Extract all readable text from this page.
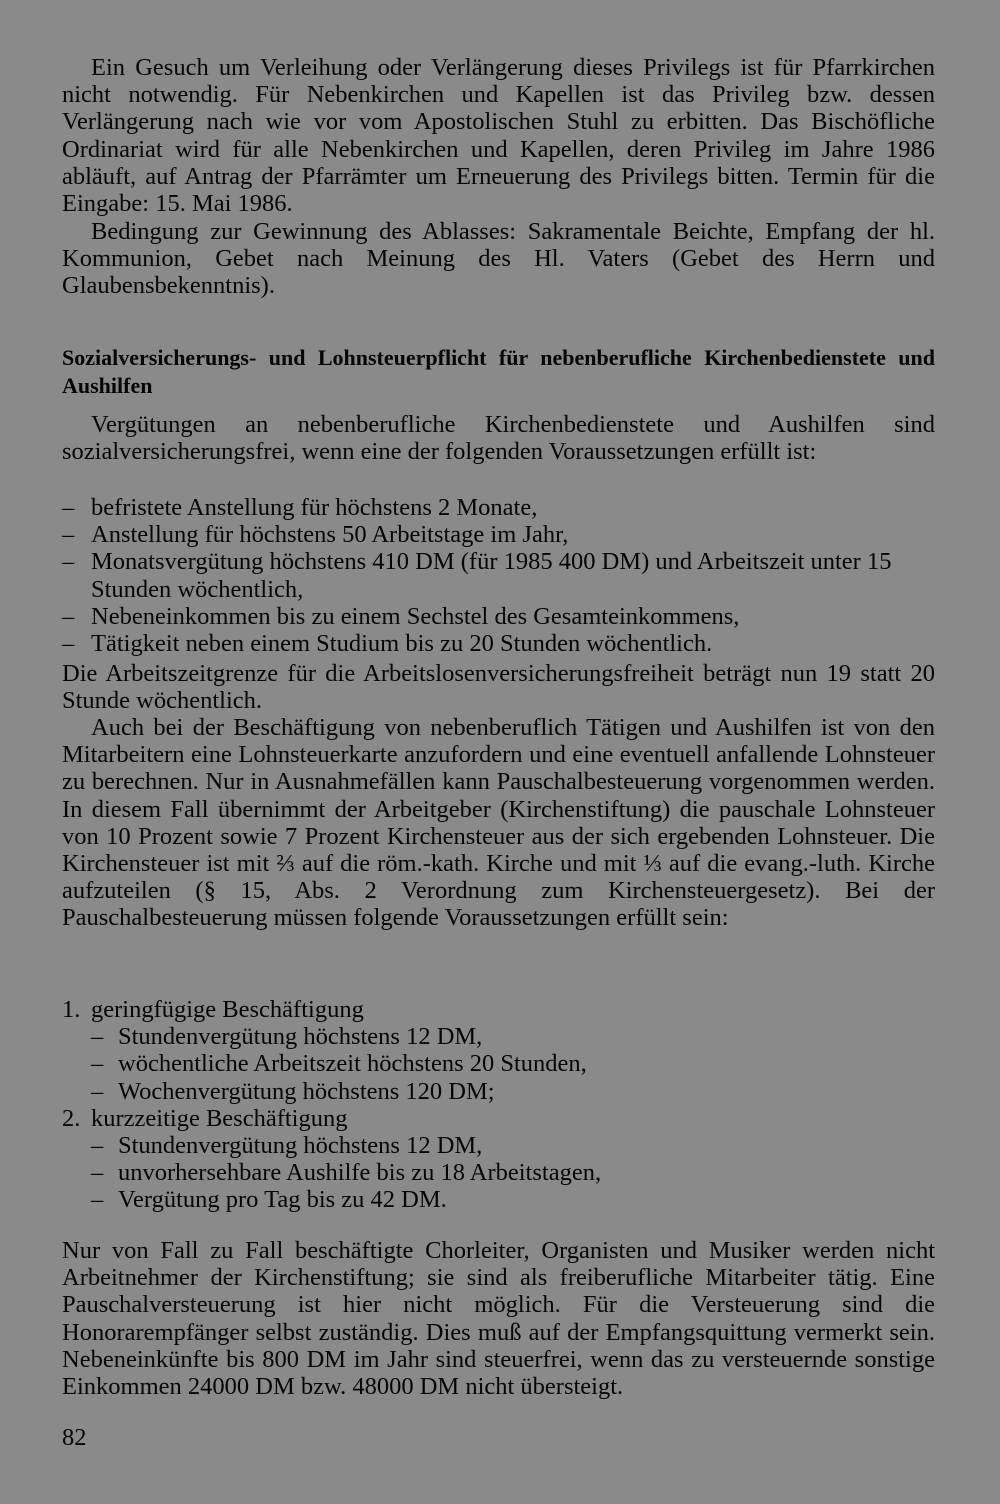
Ein Gesuch um Verleihung oder Verlängerung dieses Privilegs ist für Pfarrkirchen nicht notwendig. Für Nebenkirchen und Kapellen ist das Privileg bzw. dessen Verlängerung nach wie vor vom Apostolischen Stuhl zu erbitten. Das Bischöfliche Ordinariat wird für alle Nebenkirchen und Kapellen, deren Privileg im Jahre 1986 abläuft, auf Antrag der Pfarrämter um Erneuerung des Privilegs bitten. Termin für die Eingabe: 15. Mai 1986.

Bedingung zur Gewinnung des Ablasses: Sakramentale Beichte, Empfang der hl. Kommunion, Gebet nach Meinung des Hl. Vaters (Gebet des Herrn und Glaubensbekenntnis).

Sozialversicherungs- und Lohnsteuerpflicht für nebenberufliche Kirchenbedienstete und Aushilfen

Vergütungen an nebenberufliche Kirchenbedienstete und Aushilfen sind sozialversicherungsfrei, wenn eine der folgenden Voraussetzungen erfüllt ist:

– befristete Anstellung für höchstens 2 Monate,
– Anstellung für höchstens 50 Arbeitstage im Jahr,
– Monatsvergütung höchstens 410 DM (für 1985 400 DM) und Arbeitszeit unter 15 Stunden wöchentlich,
– Nebeneinkommen bis zu einem Sechstel des Gesamteinkommens,
– Tätigkeit neben einem Studium bis zu 20 Stunden wöchentlich.

Die Arbeitszeitgrenze für die Arbeitslosenversicherungsfreiheit beträgt nun 19 statt 20 Stunde wöchentlich.

Auch bei der Beschäftigung von nebenberuflich Tätigen und Aushilfen ist von den Mitarbeitern eine Lohnsteuerkarte anzufordern und eine eventuell anfallende Lohnsteuer zu berechnen. Nur in Ausnahmefällen kann Pauschalbesteuerung vorgenommen werden. In diesem Fall übernimmt der Arbeitgeber (Kirchenstiftung) die pauschale Lohnsteuer von 10 Prozent sowie 7 Prozent Kirchensteuer aus der sich ergebenden Lohnsteuer. Die Kirchensteuer ist mit ⅔ auf die röm.-kath. Kirche und mit ⅓ auf die evang.-luth. Kirche aufzuteilen (§ 15, Abs. 2 Verordnung zum Kirchensteuergesetz). Bei der Pauschalbesteuerung müssen folgende Voraussetzungen erfüllt sein:

1. geringfügige Beschäftigung
– Stundenvergütung höchstens 12 DM,
– wöchentliche Arbeitszeit höchstens 20 Stunden,
– Wochenvergütung höchstens 120 DM;
2. kurzzeitige Beschäftigung
– Stundenvergütung höchstens 12 DM,
– unvorhersehbare Aushilfe bis zu 18 Arbeitstagen,
– Vergütung pro Tag bis zu 42 DM.

Nur von Fall zu Fall beschäftigte Chorleiter, Organisten und Musiker werden nicht Arbeitnehmer der Kirchenstiftung; sie sind als freiberufliche Mitarbeiter tätig. Eine Pauschalversteuerung ist hier nicht möglich. Für die Versteuerung sind die Honorarempfänger selbst zuständig. Dies muß auf der Empfangsquittung vermerkt sein. Nebeneinkünfte bis 800 DM im Jahr sind steuerfrei, wenn das zu versteuernde sonstige Einkommen 24000 DM bzw. 48000 DM nicht übersteigt.

82
